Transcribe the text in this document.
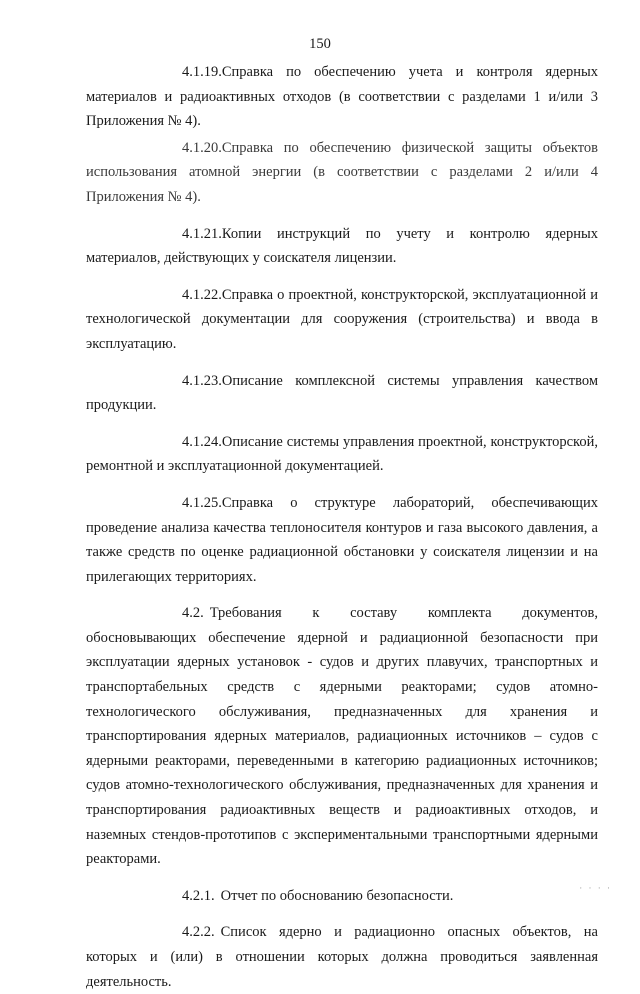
150

4.1.19.Справка по обеспечению учета и контроля ядерных материалов и радиоактивных отходов (в соответствии с разделами 1 и/или 3 Приложения № 4).

4.1.20.Справка по обеспечению физической защиты объектов использования атомной энергии (в соответствии с разделами 2 и/или 4 Приложения № 4).

4.1.21.Копии инструкций по учету и контролю ядерных материалов, действующих у соискателя лицензии.

4.1.22.Справка о проектной, конструкторской, эксплуатационной и технологической документации для сооружения (строительства) и ввода в эксплуатацию.

4.1.23.Описание комплексной системы управления качеством продукции.

4.1.24.Описание системы управления проектной, конструкторской, ремонтной и эксплуатационной документацией.

4.1.25.Справка о структуре лабораторий, обеспечивающих проведение анализа качества теплоносителя контуров и газа высокого давления, а также средств по оценке радиационной обстановки у соискателя лицензии и на прилегающих территориях.

4.2. Требования к составу комплекта документов, обосновывающих обеспечение ядерной и радиационной безопасности при эксплуатации ядерных установок - судов и других плавучих, транспортных и транспортабельных средств с ядерными реакторами; судов атомно-технологического обслуживания, предназначенных для хранения и транспортирования ядерных материалов, радиационных источников – судов с ядерными реакторами, переведенными в категорию радиационных источников; судов атомно-технологического обслуживания, предназначенных для хранения и транспортирования радиоактивных веществ и радиоактивных отходов, и наземных стендов-прототипов с экспериментальными транспортными ядерными реакторами.

4.2.1. Отчет по обоснованию безопасности.

4.2.2. Список ядерно и радиационно опасных объектов, на которых и (или) в отношении которых должна проводиться заявленная деятельность.

· · · ·
